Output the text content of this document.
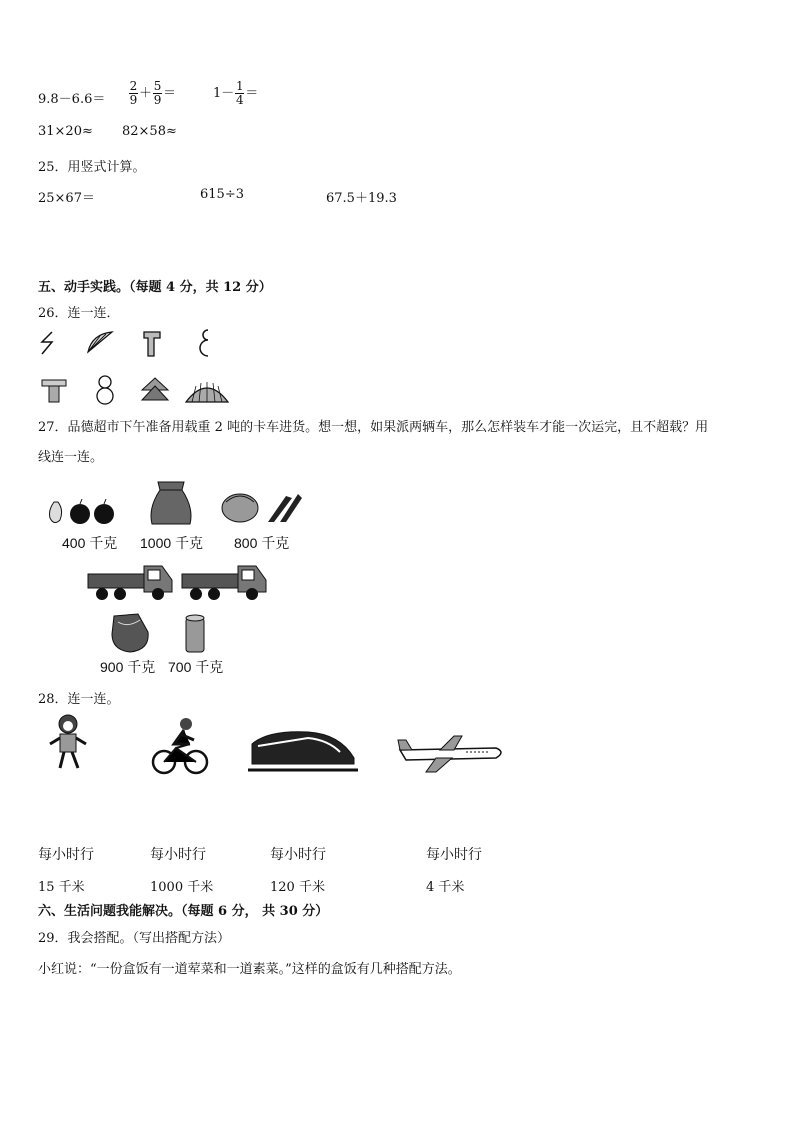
$9.8-6.6= \frac{2}{9} + \frac{5}{9}$ ＝	$1- \frac{1}{4}$ ＝
31×20≈ 82×58≈
25．用竖式计算。
25×67＝	615÷3	67.5＋19.3
五、动手实践。（每题 4 分，共 12 分）
26．连一连．
27．品德超市下午准备用载重 2 吨的卡车进货。想一想，如果派两辆车，那么怎样装车才能一次运完，且不超载？用
线连一连。
400 千克 1000 千克 800 千克
900 千克 700 千克
28．连一连。
每小时行	每小时行	每小时行	每小时行
15 千米	1000 千米	120 千米	4 千米
六、生活问题我能解决。（每题 6 分， 共 30 分）
29．我会搭配。（写出搭配方法）
小红说：“一份盒饭有一道荤菜和一道素菜。”这样的盒饭有几种搭配方法。
